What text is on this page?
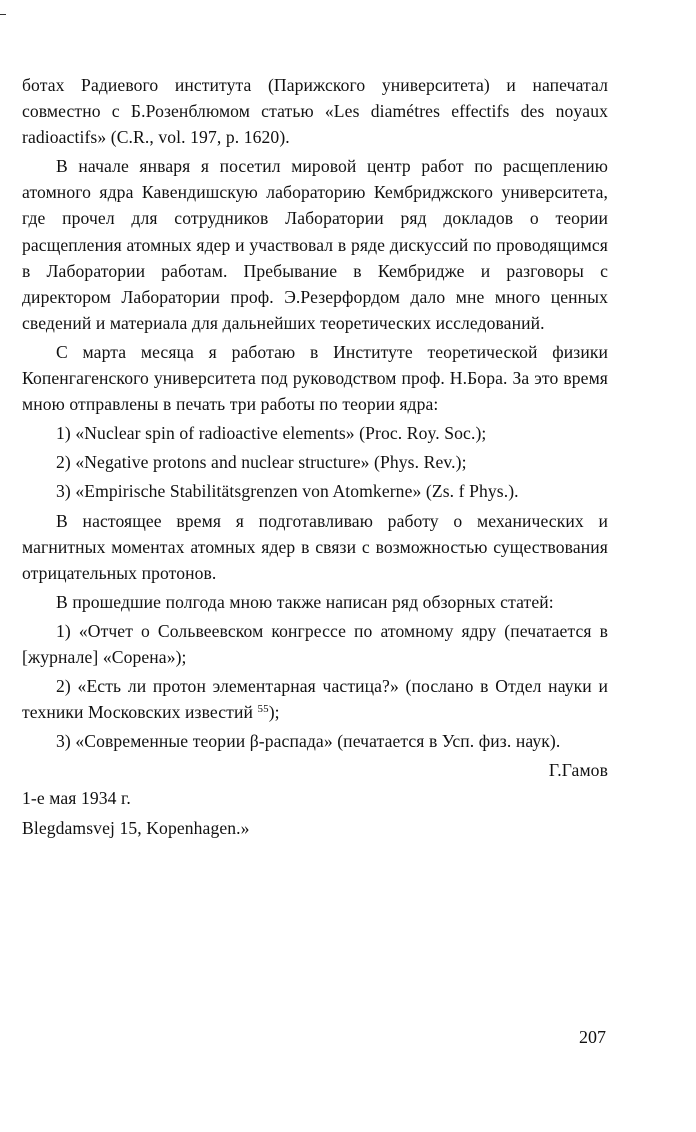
ботах Радиевого института (Парижского университета) и напечатал совместно с Б.Розенблюмом статью «Les diamétres effectifs des noyaux radioactifs» (C.R., vol. 197, p. 1620).

В начале января я посетил мировой центр работ по расщеплению атомного ядра Кавендишскую лабораторию Кембриджского университета, где прочел для сотрудников Лаборатории ряд докладов о теории расщепления атомных ядер и участвовал в ряде дискуссий по проводящимся в Лаборатории работам. Пребывание в Кембридже и разговоры с директором Лаборатории проф. Э.Резерфордом дало мне много ценных сведений и материала для дальнейших теоретических исследований.

С марта месяца я работаю в Институте теоретической физики Копенгагенского университета под руководством проф. Н.Бора. За это время мною отправлены в печать три работы по теории ядра:

1) «Nuclear spin of radioactive elements» (Proc. Roy. Soc.);

2) «Negative protons and nuclear structure» (Phys. Rev.);

3) «Empirische Stabilitätsgrenzen von Atomkerne» (Zs. f Phys.).

В настоящее время я подготавливаю работу о механических и магнитных моментах атомных ядер в связи с возможностью существования отрицательных протонов.

В прошедшие полгода мною также написан ряд обзорных статей:

1) «Отчет о Сольвеевском конгрессе по атомному ядру (печатается в [журнале] «Сорена»);

2) «Есть ли протон элементарная частица?» (послано в Отдел науки и техники Московских известий $^{55}$);

3) «Современные теории β-распада» (печатается в Усп. физ. наук).

Г.Гамов

1-е мая 1934 г.

Blegdamsvej 15, Kopenhagen.»

207
